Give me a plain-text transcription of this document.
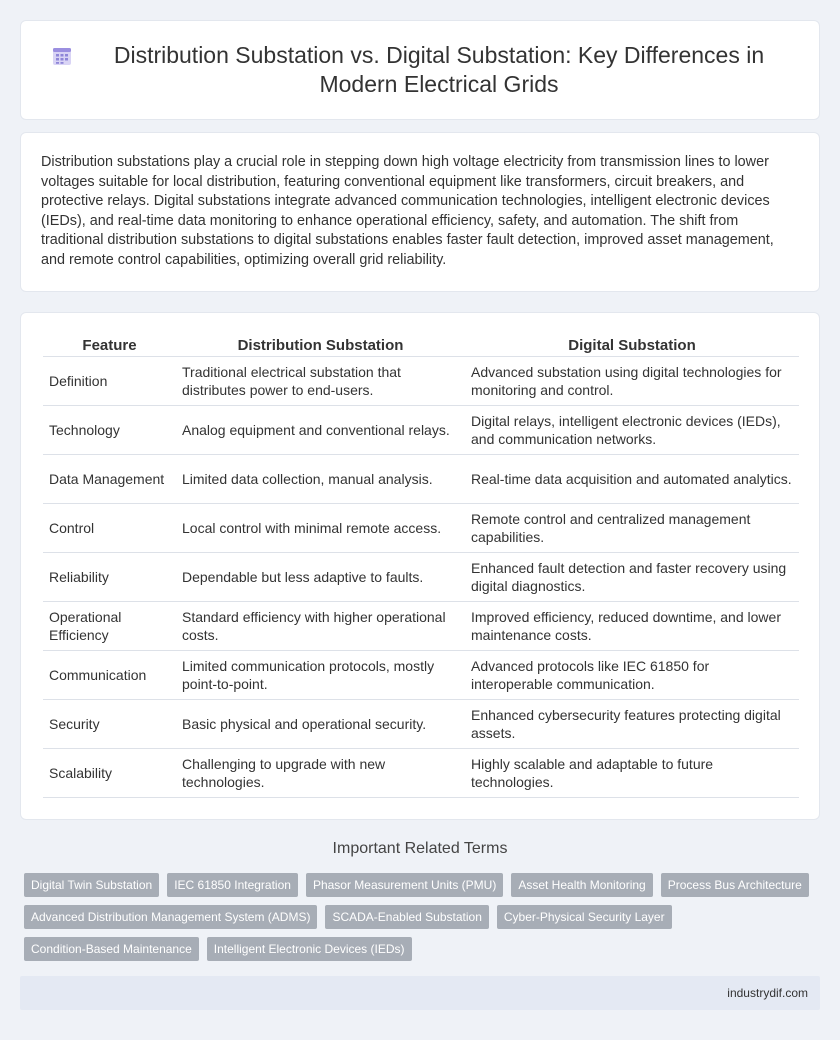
Distribution Substation vs. Digital Substation: Key Differences in Modern Electrical Grids

Distribution substations play a crucial role in stepping down high voltage electricity from transmission lines to lower voltages suitable for local distribution, featuring conventional equipment like transformers, circuit breakers, and protective relays. Digital substations integrate advanced communication technologies, intelligent electronic devices (IEDs), and real-time data monitoring to enhance operational efficiency, safety, and automation. The shift from traditional distribution substations to digital substations enables faster fault detection, improved asset management, and remote control capabilities, optimizing overall grid reliability.

Feature	Distribution Substation	Digital Substation
Definition	Traditional electrical substation that distributes power to end-users.	Advanced substation using digital technologies for monitoring and control.
Technology	Analog equipment and conventional relays.	Digital relays, intelligent electronic devices (IEDs), and communication networks.
Data Management	Limited data collection, manual analysis.	Real-time data acquisition and automated analytics.
Control	Local control with minimal remote access.	Remote control and centralized management capabilities.
Reliability	Dependable but less adaptive to faults.	Enhanced fault detection and faster recovery using digital diagnostics.
Operational Efficiency	Standard efficiency with higher operational costs.	Improved efficiency, reduced downtime, and lower maintenance costs.
Communication	Limited communication protocols, mostly point-to-point.	Advanced protocols like IEC 61850 for interoperable communication.
Security	Basic physical and operational security.	Enhanced cybersecurity features protecting digital assets.
Scalability	Challenging to upgrade with new technologies.	Highly scalable and adaptable to future technologies.
Important Related Terms
Digital Twin Substation	IEC 61850 Integration	Phasor Measurement Units (PMU)	Asset Health Monitoring	Process Bus Architecture
Advanced Distribution Management System (ADMS)	SCADA-Enabled Substation	Cyber-Physical Security Layer
Condition-Based Maintenance	Intelligent Electronic Devices (IEDs)
industrydif.com
